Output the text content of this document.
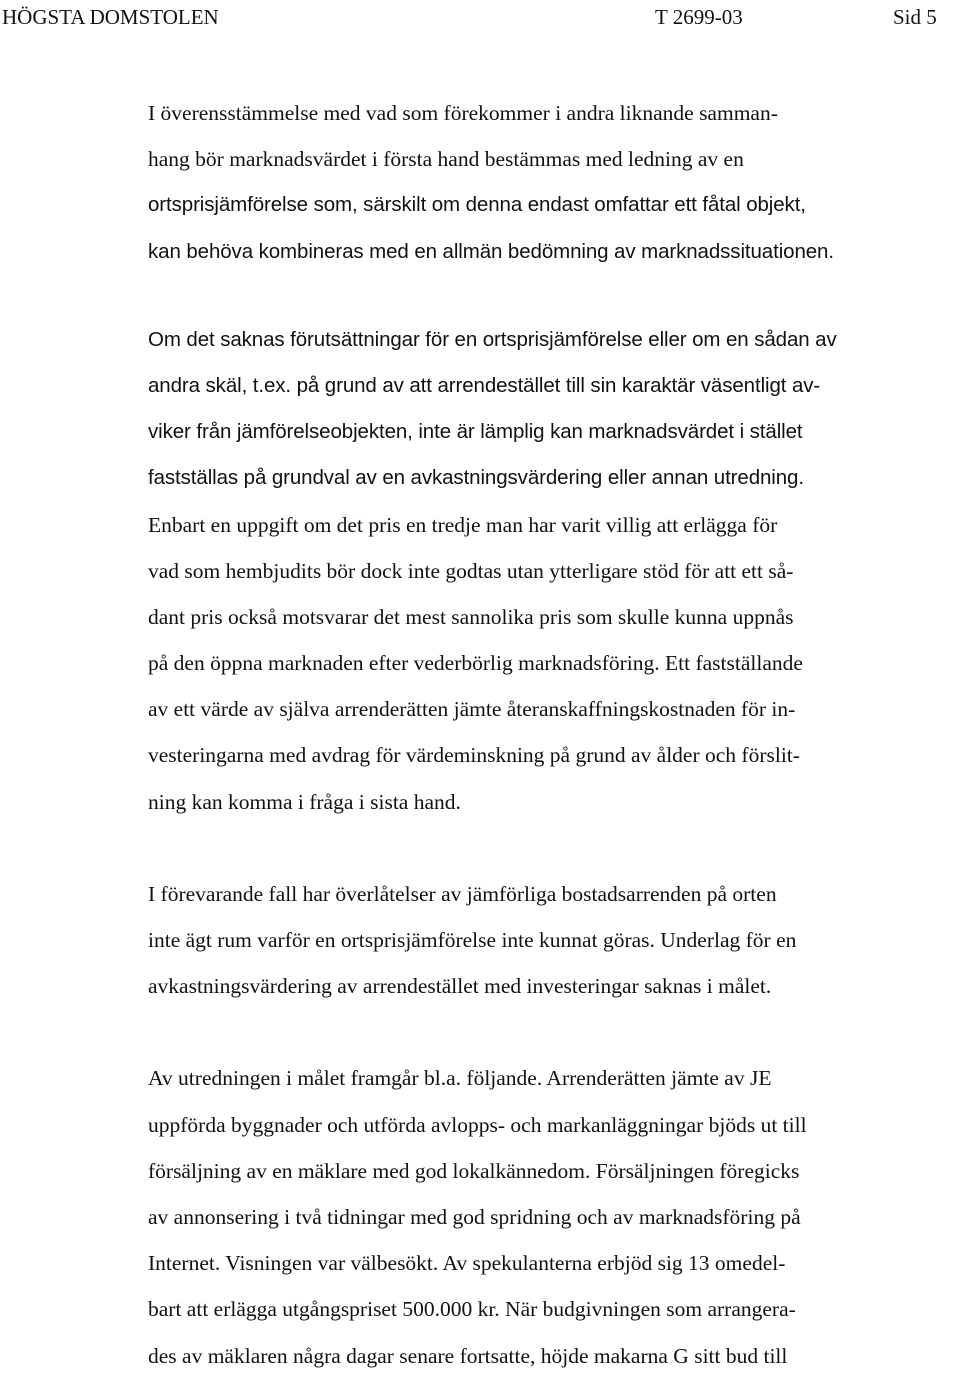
HÖGSTA DOMSTOLEN	T 2699-03	Sid 5
I överensstämmelse med vad som förekommer i andra liknande samman-
hang bör marknadsvärdet i första hand bestämmas med ledning av en
ortsprisjämförelse som, särskilt om denna endast omfattar ett fåtal objekt,
kan behöva kombineras med en allmän bedömning av marknadssituationen.
Om det saknas förutsättningar för en ortsprisjämförelse eller om en sådan av
andra skäl, t.ex. på grund av att arrendestället till sin karaktär väsentligt av-
viker från jämförelseobjekten, inte är lämplig kan marknadsvärdet i stället
fastställas på grundval av en avkastningsvärdering eller annan utredning.
Enbart en uppgift om det pris en tredje man har varit villig att erlägga för
vad som hembjudits bör dock inte godtas utan ytterligare stöd för att ett så-
dant pris också motsvarar det mest sannolika pris som skulle kunna uppnås
på den öppna marknaden efter vederbörlig marknadsföring. Ett fastställande
av ett värde av själva arrenderätten jämte återanskaffningskostnaden för in-
vesteringarna med avdrag för värdeminskning på grund av ålder och förslit-
ning kan komma i fråga i sista hand.
I förevarande fall har överlåtelser av jämförliga bostadsarrenden på orten
inte ägt rum varför en ortsprisjämförelse inte kunnat göras. Underlag för en
avkastningsvärdering av arrendestället med investeringar saknas i målet.
Av utredningen i målet framgår bl.a. följande. Arrenderätten jämte av JE
uppförda byggnader och utförda avlopps- och markanläggningar bjöds ut till
försäljning av en mäklare med god lokalkännedom. Försäljningen föregicks
av annonsering i två tidningar med god spridning och av marknadsföring på
Internet. Visningen var välbesökt. Av spekulanterna erbjöd sig 13 omedel-
bart att erlägga utgångspriset 500.000 kr. När budgivningen som arrangera-
des av mäklaren några dagar senare fortsatte, höjde makarna G sitt bud till
